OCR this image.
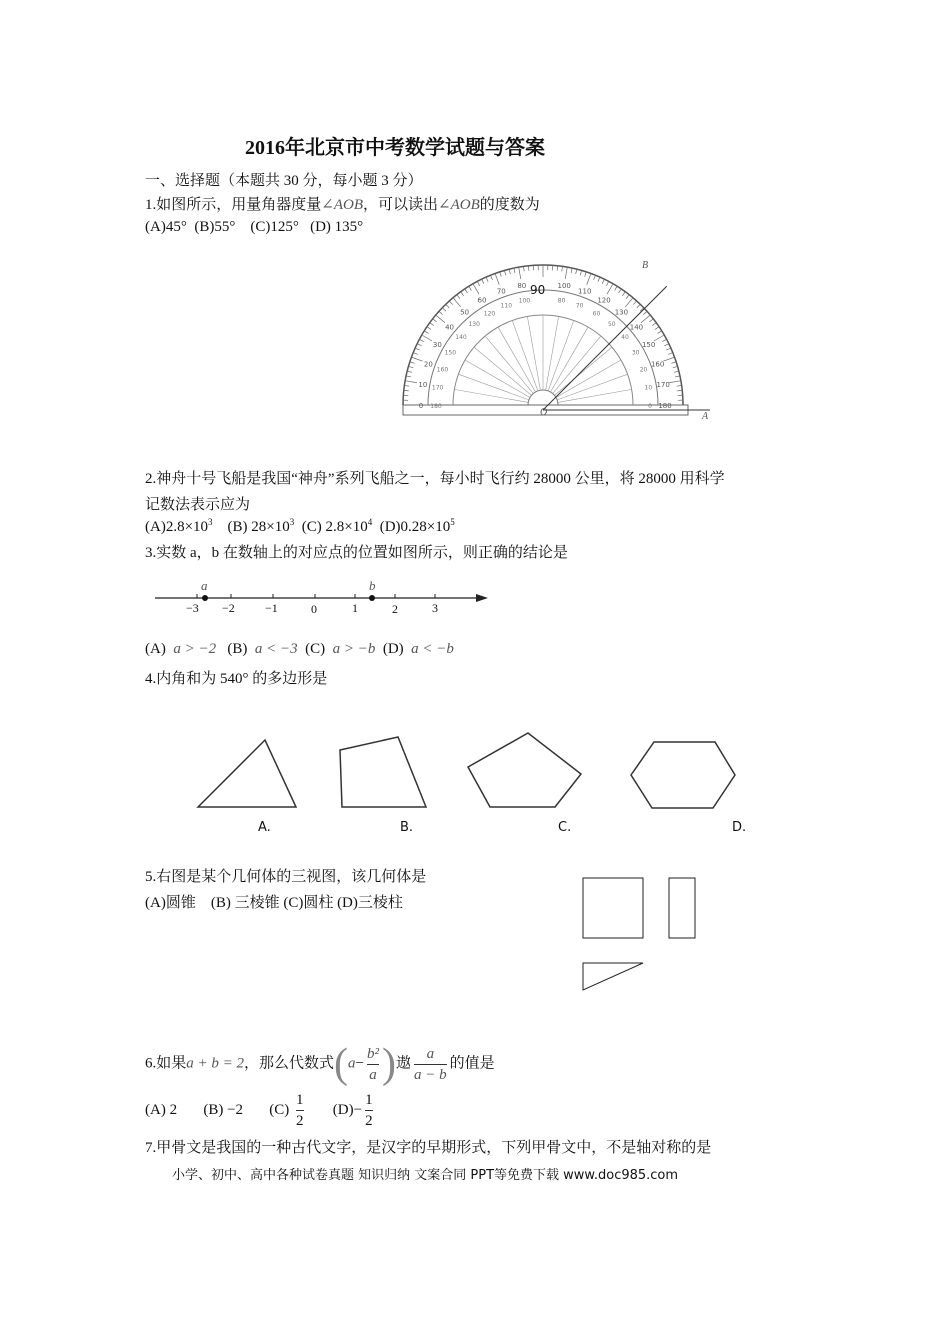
2016年北京市中考数学试题与答案
一、选择题（本题共 30 分，每小题 3 分）
1.如图所示，用量角器度量∠AOB，可以读出∠AOB的度数为
(A)45° (B)55° (C)125° (D) 135°
180
0
170
10
160
20
150
30
140
40
130
50
120
60
110
70
100
80
80
100
70
110
60
120
50
130
40
140
30
150
20
160
10 170
0 180
90
O	A
B
2.神舟十号飞船是我国“神舟”系列飞船之一，每小时飞行约 28000 公里，将 28000 用科学
记数法表示应为
$(A)2.8\times 10^3$ (B) $28\times 10^3$ (C) $2.8\times 10^4$ $(D)0.28\times 10^5$
3.实数 a，b 在数轴上的对应点的位置如图所示，则正确的结论是
a	b
−3 −2	−1	0	1	2	3
(A) a > −2 (B) a < −3 (C) a > −b (D) a < −b
4.内角和为 540° 的多边形是
A.	B.	C.	D.
5.右图是某个几何体的三视图，该几何体是
(A)圆锥　(B) 三棱锥 (C)圆柱 (D)三棱柱
6.如果a + b = 2，那么代数式($a- \frac{\text{b²}}{a}$ )遨 $\frac{a}{a - b}$ 的值是
(A) 2 (B) −2 $(C) \frac{1}{2} (D)- \frac{1}{2}$
7.甲骨文是我国的一种古代文字，是汉字的早期形式，下列甲骨文中，不是轴对称的是
小学、初中、高中各种试卷真题 知识归纳 文案合同 PPT等免费下载 www.doc985.com
